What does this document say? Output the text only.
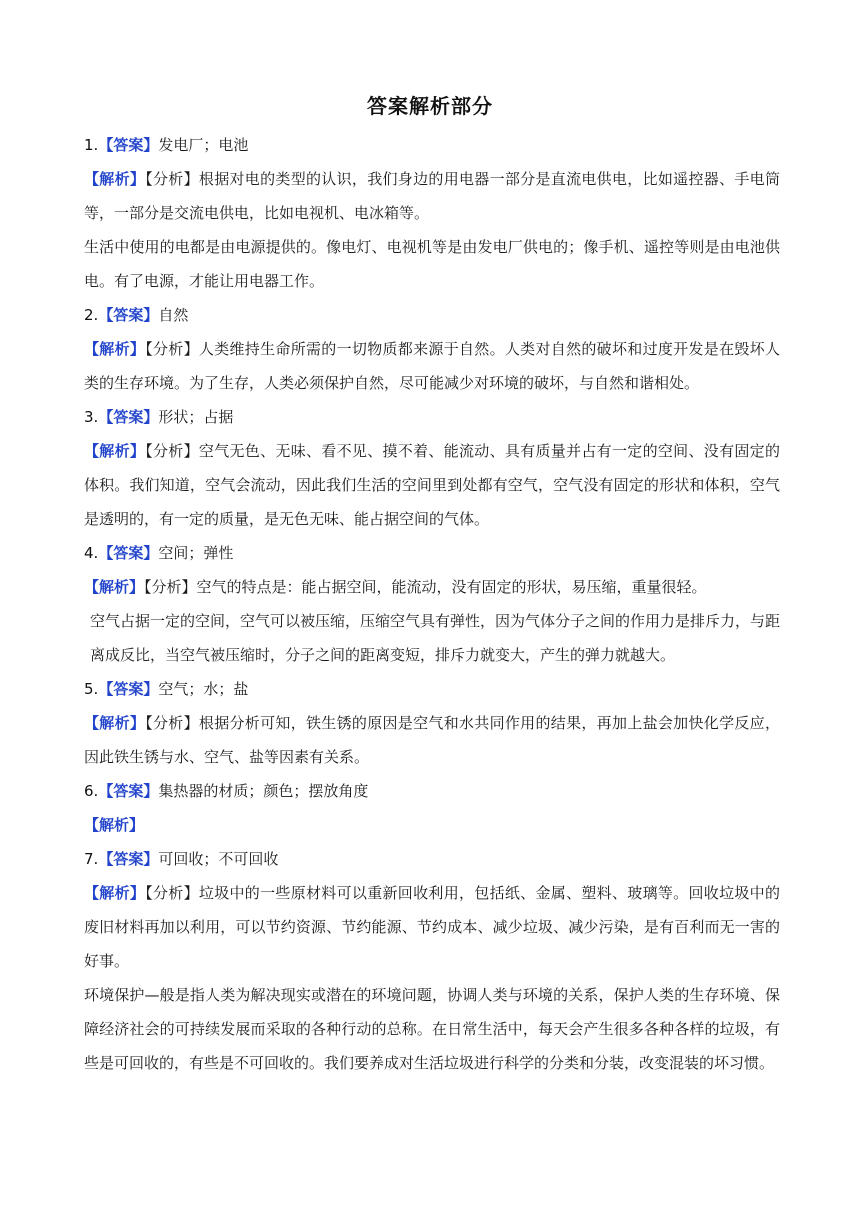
答案解析部分
1.【答案】发电厂；电池
【解析】【分析】根据对电的类型的认识，我们身边的用电器一部分是直流电供电，比如遥控器、手电筒等，一部分是交流电供电，比如电视机、电冰箱等。
生活中使用的电都是由电源提供的。像电灯、电视机等是由发电厂供电的；像手机、遥控等则是由电池供电。有了电源，才能让用电器工作。
2.【答案】自然
【解析】【分析】人类维持生命所需的一切物质都来源于自然。人类对自然的破坏和过度开发是在毁坏人类的生存环境。为了生存，人类必须保护自然，尽可能减少对环境的破坏，与自然和谐相处。
3.【答案】形状；占据
【解析】【分析】空气无色、无味、看不见、摸不着、能流动、具有质量并占有一定的空间、没有固定的体积。我们知道，空气会流动，因此我们生活的空间里到处都有空气，空气没有固定的形状和体积，空气是透明的，有一定的质量，是无色无味、能占据空间的气体。
4.【答案】空间；弹性
【解析】【分析】空气的特点是：能占据空间，能流动，没有固定的形状，易压缩，重量很轻。
空气占据一定的空间，空气可以被压缩，压缩空气具有弹性，因为气体分子之间的作用力是排斥力，与距离成反比，当空气被压缩时，分子之间的距离变短，排斥力就变大，产生的弹力就越大。
5.【答案】空气；水；盐
【解析】【分析】根据分析可知，铁生锈的原因是空气和水共同作用的结果，再加上盐会加快化学反应，因此铁生锈与水、空气、盐等因素有关系。
6.【答案】集热器的材质；颜色；摆放角度
【解析】
7.【答案】可回收；不可回收
【解析】【分析】垃圾中的一些原材料可以重新回收利用，包括纸、金属、塑料、玻璃等。回收垃圾中的废旧材料再加以利用，可以节约资源、节约能源、节约成本、减少垃圾、减少污染，是有百利而无一害的好事。
环境保护—般是指人类为解决现实或潜在的环境问题，协调人类与环境的关系，保护人类的生存环境、保障经济社会的可持续发展而采取的各种行动的总称。在日常生活中，每天会产生很多各种各样的垃圾，有些是可回收的，有些是不可回收的。我们要养成对生活垃圾进行科学的分类和分装，改变混装的坏习惯。
